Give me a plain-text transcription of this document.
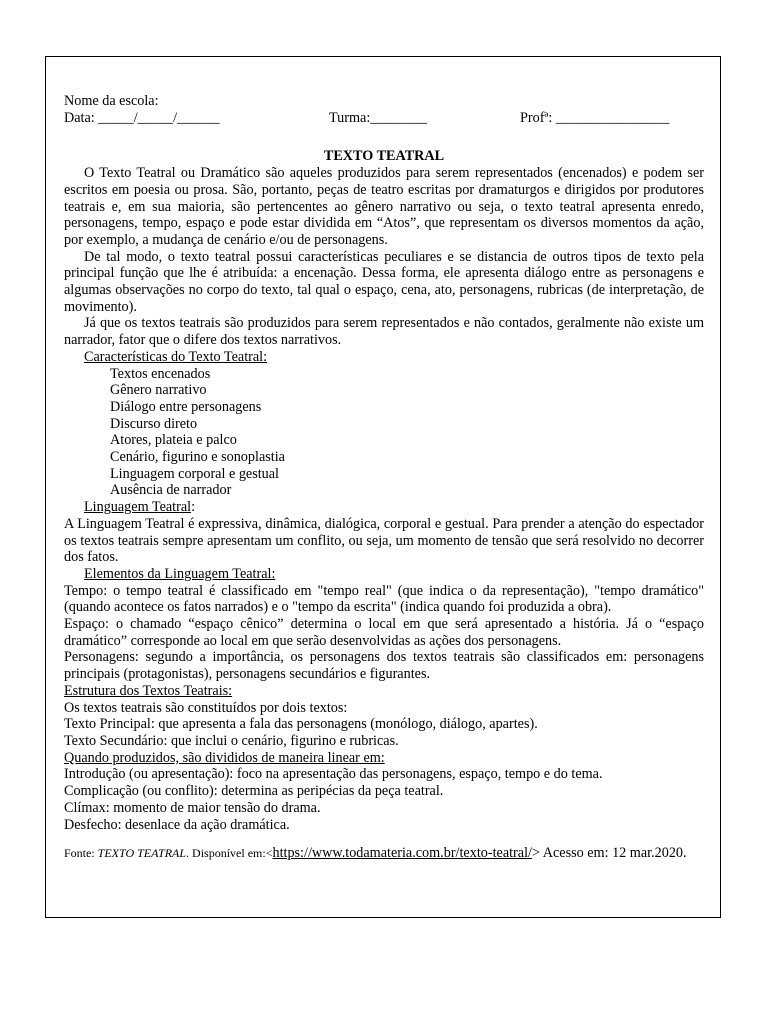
Nome da escola:
Data: _____/_____/______	Turma:________	Profª: ________________
TEXTO TEATRAL

O Texto Teatral ou Dramático são aqueles produzidos para serem representados (encenados) e podem ser escritos em poesia ou prosa. São, portanto, peças de teatro escritas por dramaturgos e dirigidos por produtores teatrais e, em sua maioria, são pertencentes ao gênero narrativo ou seja, o texto teatral apresenta enredo, personagens, tempo, espaço e pode estar dividida em “Atos”, que representam os diversos momentos da ação, por exemplo, a mudança de cenário e/ou de personagens.

De tal modo, o texto teatral possui características peculiares e se distancia de outros tipos de texto pela principal função que lhe é atribuída: a encenação. Dessa forma, ele apresenta diálogo entre as personagens e algumas observações no corpo do texto, tal qual o espaço, cena, ato, personagens, rubricas (de interpretação, de movimento).

Já que os textos teatrais são produzidos para serem representados e não contados, geralmente não existe um narrador, fator que o difere dos textos narrativos.

Características do Texto Teatral:
Textos encenados
Gênero narrativo
Diálogo entre personagens
Discurso direto
Atores, plateia e palco
Cenário, figurino e sonoplastia
Linguagem corporal e gestual
Ausência de narrador
Linguagem Teatral:

A Linguagem Teatral é expressiva, dinâmica, dialógica, corporal e gestual. Para prender a atenção do espectador os textos teatrais sempre apresentam um conflito, ou seja, um momento de tensão que será resolvido no decorrer dos fatos.

Elementos da Linguagem Teatral:

Tempo: o tempo teatral é classificado em "tempo real" (que indica o da representação), "tempo dramático" (quando acontece os fatos narrados) e o "tempo da escrita" (indica quando foi produzida a obra).

Espaço: o chamado “espaço cênico” determina o local em que será apresentado a história. Já o “espaço dramático” corresponde ao local em que serão desenvolvidas as ações dos personagens.

Personagens: segundo a importância, os personagens dos textos teatrais são classificados em: personagens principais (protagonistas), personagens secundários e figurantes.

Estrutura dos Textos Teatrais:
Os textos teatrais são constituídos por dois textos:
Texto Principal: que apresenta a fala das personagens (monólogo, diálogo, apartes).
Texto Secundário: que inclui o cenário, figurino e rubricas.
Quando produzidos, são divididos de maneira linear em:
Introdução (ou apresentação): foco na apresentação das personagens, espaço, tempo e do tema.
Complicação (ou conflito): determina as peripécias da peça teatral.
Clímax: momento de maior tensão do drama.
Desfecho: desenlace da ação dramática.
Fonte: TEXTO TEATRAL. Disponível em:<https://www.todamateria.com.br/texto-teatral/> Acesso em: 12 mar.2020.
